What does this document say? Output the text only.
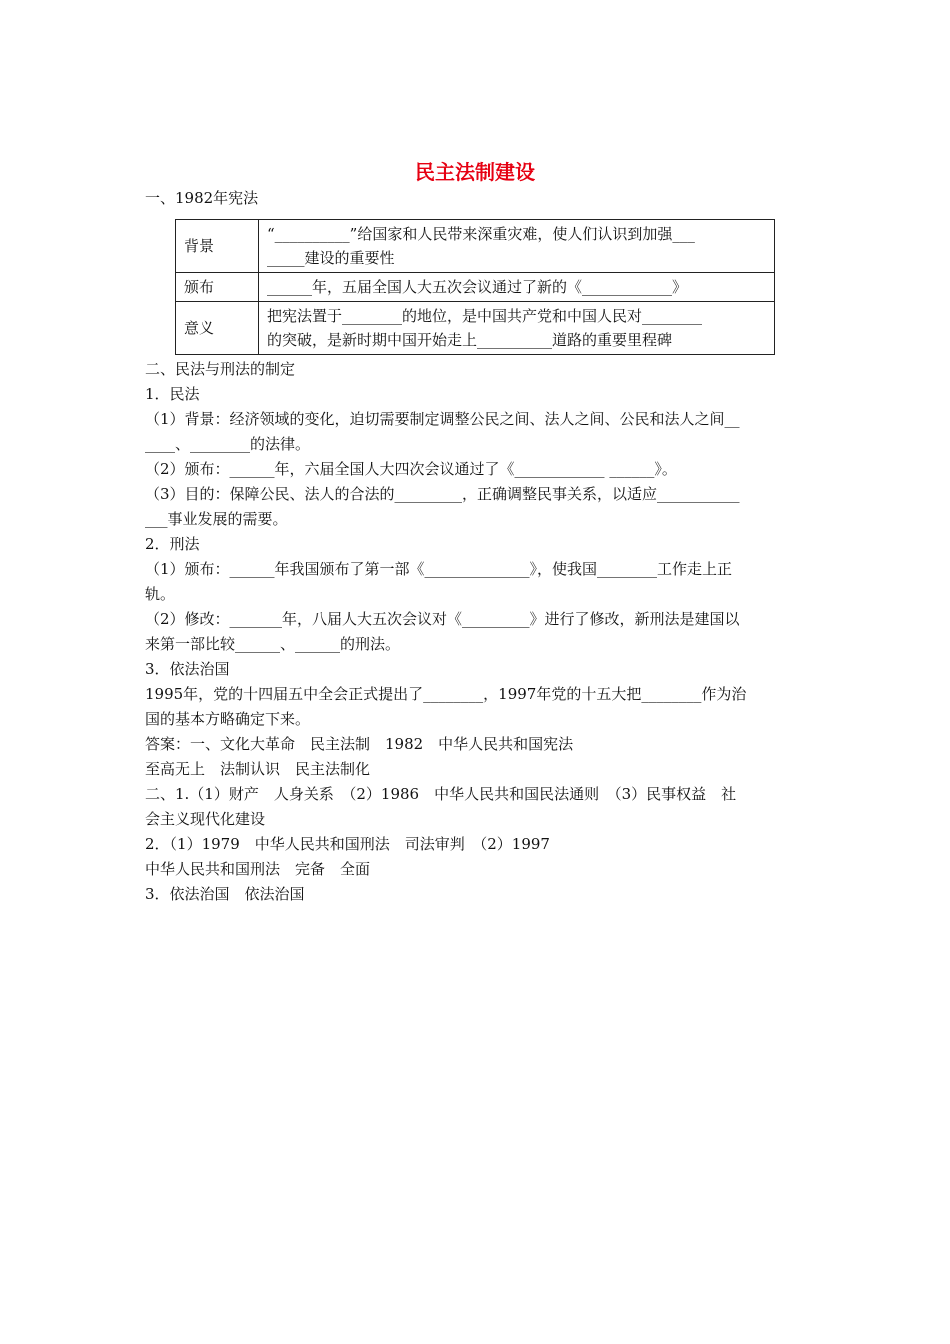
民主法制建设

一、1982年宪法

背景	“__________”给国家和人民带来深重灾难，使人们认识到加强___
_____建设的重要性

颁布	______年，五届全国人大五次会议通过了新的《____________》

意义	把宪法置于________的地位，是中国共产党和中国人民对________
的突破，是新时期中国开始走上__________道路的重要里程碑

二、民法与刑法的制定

1．民法

（1）背景：经济领域的变化，迫切需要制定调整公民之间、法人之间、公民和法人之间__

____、________的法律。

（2）颁布：______年，六届全国人大四次会议通过了《____________ ______》。

（3）目的：保障公民、法人的合法的_________，正确调整民事关系，以适应___________

___事业发展的需要。

2．刑法

（1）颁布：______年我国颁布了第一部《______________》，使我国________工作走上正

轨。

（2）修改：_______年，八届人大五次会议对《_________》进行了修改，新刑法是建国以

来第一部比较______、______的刑法。

3．依法治国

1995年，党的十四届五中全会正式提出了________，1997年党的十五大把________作为治

国的基本方略确定下来。

答案：一、文化大革命　民主法制　1982　中华人民共和国宪法

至高无上　法制认识　民主法制化

二、1.（1）财产　人身关系　（2）1986　中华人民共和国民法通则　（3）民事权益　社

会主义现代化建设

2．（1）1979　中华人民共和国刑法　司法审判　（2）1997

中华人民共和国刑法　完备　全面

3．依法治国　依法治国
